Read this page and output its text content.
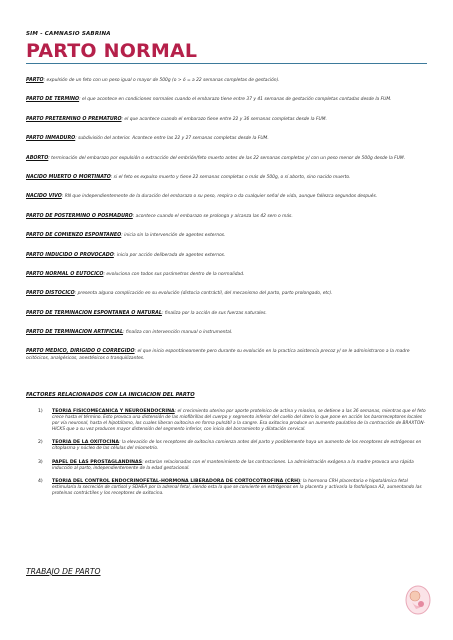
SIM - CAMNASIO SABRINA
PARTO NORMAL

PARTO: expulsión de un feto con un peso igual o mayor de 500g (o > ó = a 22 semanas completas de gestación).

PARTO DE TERMINO: el que acontece en condiciones normales cuando el embarazo tiene entre 37 y 41 semanas de gestación completas contadas desde la FUM.

PARTO PRETERMINO O PREMATURO: el que acontece cuando el embarazo tiene entre 22 y 36 semanas completas desde la FUM.

PARTO INMADURO: subdivisión del anterior. Acontece entre las 22 y 27 semanas completas desde la FUM.

ABORTO: terminación del embarazo por expulsión o extracción del embrión/feto muerto antes de las 22 semanas completas y/ con un peso menor de 500g desde la FUM.

NACIDO MUERTO O MORTINATO: si el feto es expulso muerto y tiene 22 semanas completas o más de 500g, o sí aborto, sino nacido muerto.

NACIDO VIVO: RN que independientemente de la duración del embarazo o su peso, respira o da cualquier señal de vida, aunque fallezca segundos después.

PARTO DE POSTERMINO O POSMADURO: acontece cuando el embarazo se prolonga y alcanza las 42 sem o más.

PARTO DE COMIENZO ESPONTANEO: inicia sin la intervención de agentes externos.

PARTO INDUCIDO O PROVOCADO: inicia por acción deliberada de agentes externos.

PARTO NORMAL O EUTOCICO: evoluciona con todos sus parámetros dentro de la normalidad.

PARTO DISTOCICO: presenta alguna complicación en su evolución (distocia contráctil, del mecanismo del parto, parto prolongado, etc).

PARTO DE TERMINACION ESPONTANEA O NATURAL: finaliza por la acción de sus fuerzas naturales.

PARTO DE TERMINACION ARTIFICIAL: finaliza con intervención manual o instrumental.

PARTO MEDICO, DIRIGIDO O CORREGIDO: el que inicio espontáneamente pero durante su evolución en la practica asistencia precoz y/ se le administraron a la madre ocitócicos, analgésicos, anestésicos o tranquilizantes.

FACTORES RELACIONADOS CON LA INICIACION DEL PARTO
1) TEORIA FISICOMECANICA Y NEUROENDOCRINA: el crecimiento uterino por aporte proteínico de actina y miosina, se detiene a las 36 semanas, mientras que el feto crece hasta el término. Esto provoca una distensión de las miofibrillas del cuerpo y segmento inferior del cuello del útero lo que pone en acción los barorreceptores locales por vía neuronal, hasta el hipotálamo, los cuales liberan oxitocina en forma pulsátil a la sangre. Esa oxitocina produce un aumento paulatino de la contracción de BRAXTON-HICKS que a su vez producen mayor distensión del segmento inferior, con inicio del borramiento y dilatación cervical.
2) TEORIA DE LA OXITOCINA: la elevación de los receptores de oxitocina comienza antes del parto y posiblemente haya un aumento de los receptores de estrógenos en citoplasma y núcleo de las células del miometrio.
3) PAPEL DE LAS PROSTAGLANDINAS: estarían relacionadas con el mantenimiento de las contracciones. La administración exógena a la madre provoca una rápida inducción al parto, independientemente de la edad gestacional.
4) TEORIA DEL CONTROL ENDOCRINOFETAL-HORMONA LIBERADORA DE CORTOCOTROFINA (CRH): la hormona CRH placentaria e hipotalámica fetal estimularía la secreción de cortisol y SDHEA por la adrenal fetal, siendo esta la que se convierte en estrógenos en la placenta y activaría la fosfolipasa A2, aumentando las proteínas contráctiles y los receptores de oxitocina.
TRABAJO DE PARTO
